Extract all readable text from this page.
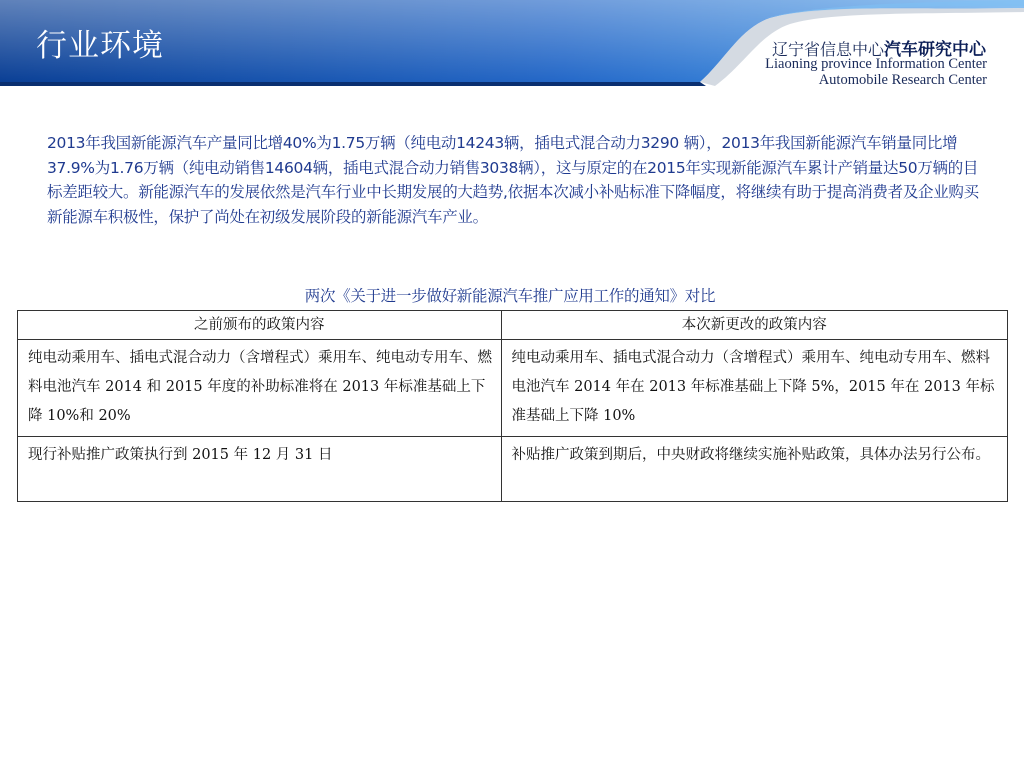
行业环境	辽宁省信息中心汽车研究中心
Liaoning province Information Center
Automobile Research Center
2013年我国新能源汽车产量同比增40%为1.75万辆（纯电动14243辆，插电式混合动力3290 辆），2013年我国新能源汽车销量同比增37.9%为1.76万辆（纯电动销售14604辆，插电式混合动力销售3038辆），这与原定的在2015年实现新能源汽车累计产销量达50万辆的目标差距较大。新能源汽车的发展依然是汽车行业中长期发展的大趋势,依据本次减小补贴标准下降幅度，将继续有助于提高消费者及企业购买新能源车积极性，保护了尚处在初级发展阶段的新能源汽车产业。
两次《关于进一步做好新能源汽车推广应用工作的通知》对比
之前颁布的政策内容	本次新更改的政策内容
纯电动乘用车、插电式混合动力（含增程式）乘用车、纯电动专用车、燃料电池汽车 2014 和 2015 年度的补助标准将在 2013 年标准基础上下降 10%和 20%	纯电动乘用车、插电式混合动力（含增程式）乘用车、纯电动专用车、燃料电池汽车 2014 年在 2013 年标准基础上下降 5%，2015 年在 2013 年标准基础上下降 10%
现行补贴推广政策执行到 2015 年 12 月 31 日	补贴推广政策到期后，中央财政将继续实施补贴政策，具体办法另行公布。
